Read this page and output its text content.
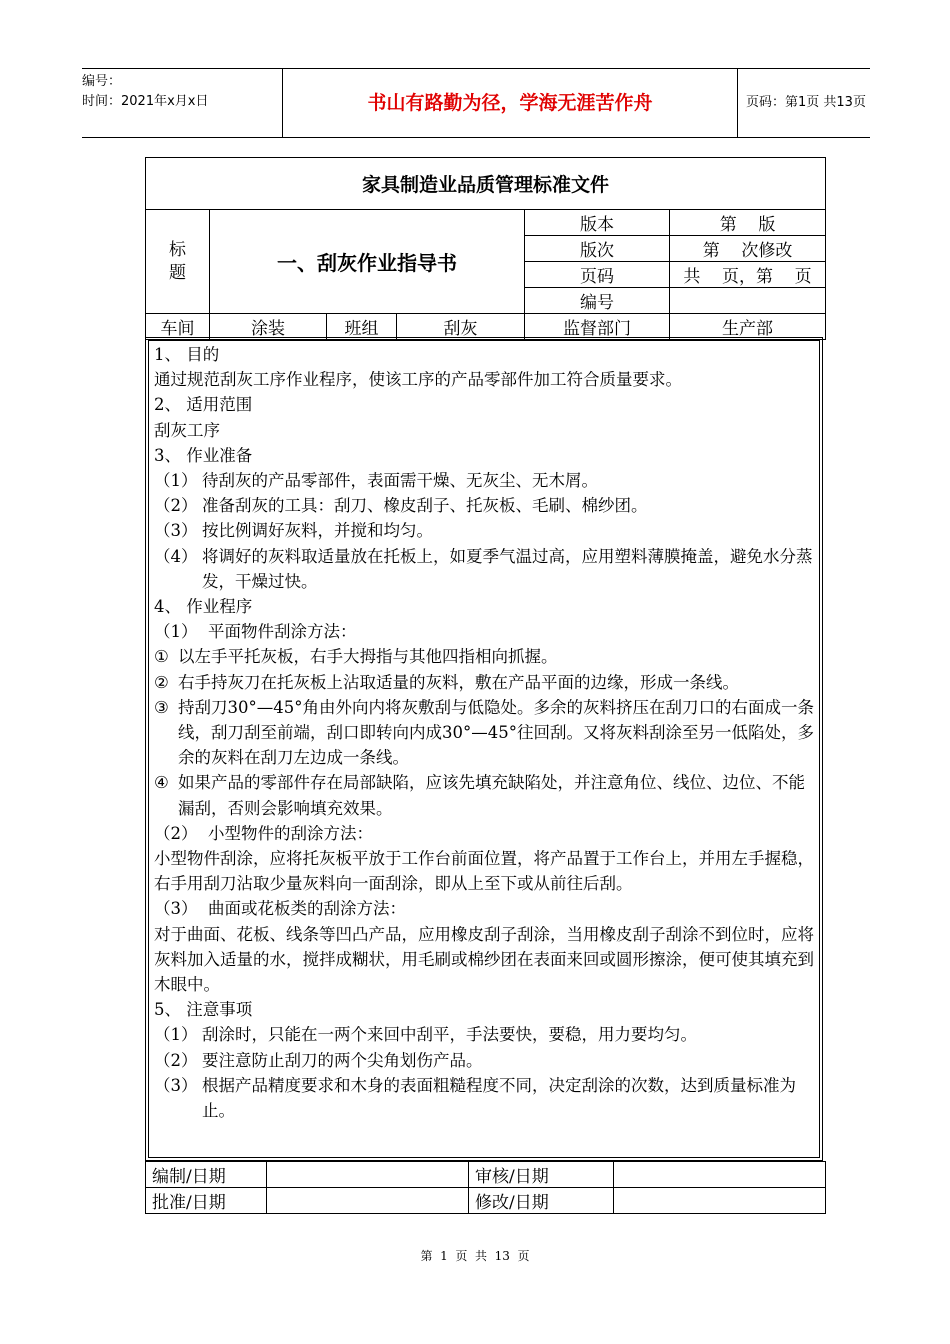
编号：
时间：2021年x月x日	书山有路勤为径，学海无涯苦作舟	页码：第1页 共13页
家具制造业品质管理标准文件					
标
题	一、刮灰作业指导书			版本	第    版
				版次	第    次修改
				页码	共    页，第    页
				编号	
车间	涂装	班组	刮灰	监督部门	生产部

1、 目的

通过规范刮灰工序作业程序，使该工序的产品零部件加工符合质量要求。

2、 适用范围

刮灰工序

3、 作业准备

（1） 待刮灰的产品零部件，表面需干燥、无灰尘、无木屑。

（2） 准备刮灰的工具：刮刀、橡皮刮子、托灰板、毛刷、棉纱团。

（3） 按比例调好灰料，并搅和均匀。

（4） 将调好的灰料取适量放在托板上，如夏季气温过高，应用塑料薄膜掩盖，避免水分蒸发，干燥过快。

4、 作业程序

（1）  平面物件刮涂方法：

① 以左手平托灰板，右手大拇指与其他四指相向抓握。

② 右手持灰刀在托灰板上沾取适量的灰料，敷在产品平面的边缘，形成一条线。

③ 持刮刀30°—45°角由外向内将灰敷刮与低隐处。多余的灰料挤压在刮刀口的右面成一条线，刮刀刮至前端，刮口即转向内成30°—45°往回刮。又将灰料刮涂至另一低陷处，多余的灰料在刮刀左边成一条线。

④ 如果产品的零部件存在局部缺陷，应该先填充缺陷处，并注意角位、线位、边位、不能漏刮，否则会影响填充效果。

（2）  小型物件的刮涂方法：

小型物件刮涂，应将托灰板平放于工作台前面位置，将产品置于工作台上，并用左手握稳，右手用刮刀沾取少量灰料向一面刮涂，即从上至下或从前往后刮。

（3）  曲面或花板类的刮涂方法：

对于曲面、花板、线条等凹凸产品，应用橡皮刮子刮涂，当用橡皮刮子刮涂不到位时，应将灰料加入适量的水，搅拌成糊状，用毛刷或棉纱团在表面来回或圆形擦涂，便可使其填充到木眼中。

5、 注意事项

（1） 刮涂时，只能在一两个来回中刮平，手法要快，要稳，用力要均匀。

（2） 要注意防止刮刀的两个尖角划伤产品。

（3） 根据产品精度要求和木身的表面粗糙程度不同，决定刮涂的次数，达到质量标准为止。

编制/日期		审核/日期	
批准/日期		修改/日期	
第  1  页  共  13  页
